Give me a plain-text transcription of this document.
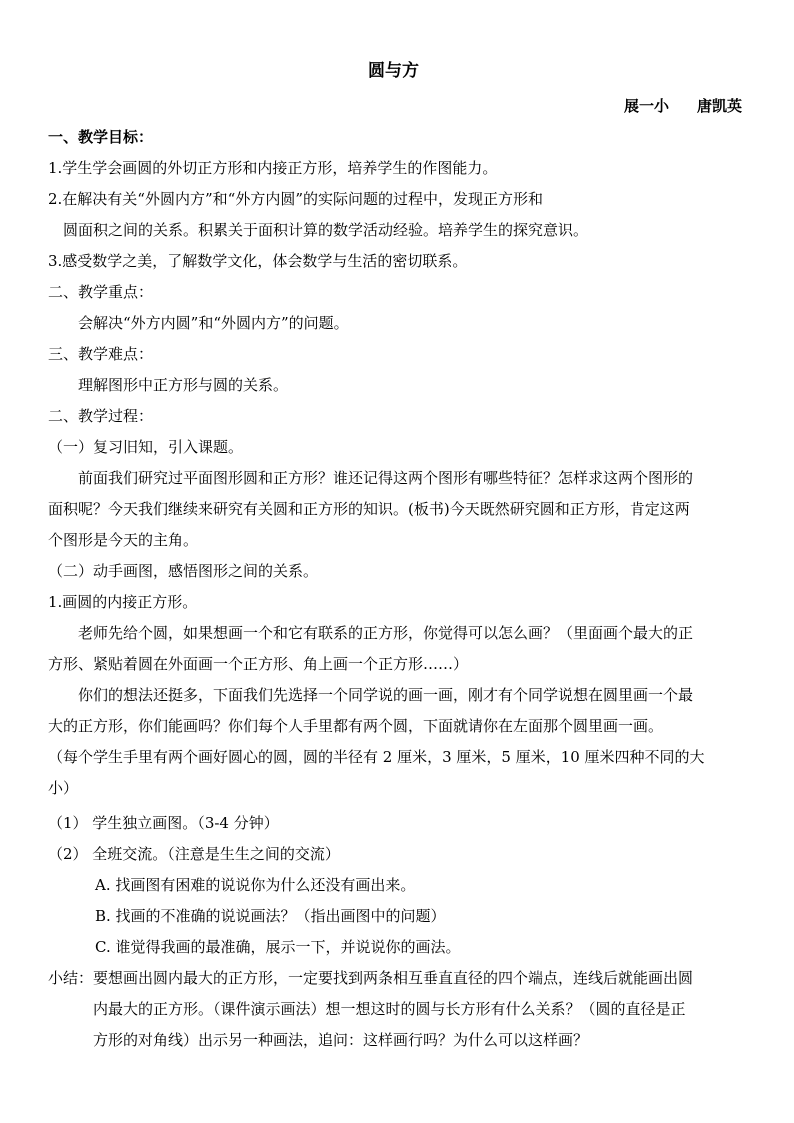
圆与方
展一小 唐凯英
一、教学目标：
1.学生学会画圆的外切正方形和内接正方形，培养学生的作图能力。
2.在解决有关“外圆内方”和“外方内圆”的实际问题的过程中，发现正方形和
圆面积之间的关系。积累关于面积计算的数学活动经验。培养学生的探究意识。
3.感受数学之美，了解数学文化，体会数学与生活的密切联系。
二、教学重点：
会解决“外方内圆”和“外圆内方”的问题。
三、教学难点：
理解图形中正方形与圆的关系。
二、教学过程：
（一）复习旧知，引入课题。
前面我们研究过平面图形圆和正方形？谁还记得这两个图形有哪些特征？怎样求这两个图形的
面积呢？今天我们继续来研究有关圆和正方形的知识。(板书)今天既然研究圆和正方形，肯定这两
个图形是今天的主角。
（二）动手画图，感悟图形之间的关系。
1.画圆的内接正方形。
老师先给个圆，如果想画一个和它有联系的正方形，你觉得可以怎么画？（里面画个最大的正
方形、紧贴着圆在外面画一个正方形、角上画一个正方形……）
你们的想法还挺多，下面我们先选择一个同学说的画一画，刚才有个同学说想在圆里画一个最
大的正方形，你们能画吗？你们每个人手里都有两个圆，下面就请你在左面那个圆里画一画。
（每个学生手里有两个画好圆心的圆，圆的半径有 2 厘米，3 厘米，5 厘米，10 厘米四种不同的大
小）
（1） 学生独立画图。（3-4 分钟）
（2） 全班交流。（注意是生生之间的交流）
A. 找画图有困难的说说你为什么还没有画出来。
B. 找画的不准确的说说画法？（指出画图中的问题）
C. 谁觉得我画的最准确，展示一下，并说说你的画法。
小结：要想画出圆内最大的正方形，一定要找到两条相互垂直直径的四个端点，连线后就能画出圆
内最大的正方形。（课件演示画法）想一想这时的圆与长方形有什么关系？（圆的直径是正
方形的对角线）出示另一种画法，追问：这样画行吗？为什么可以这样画？
